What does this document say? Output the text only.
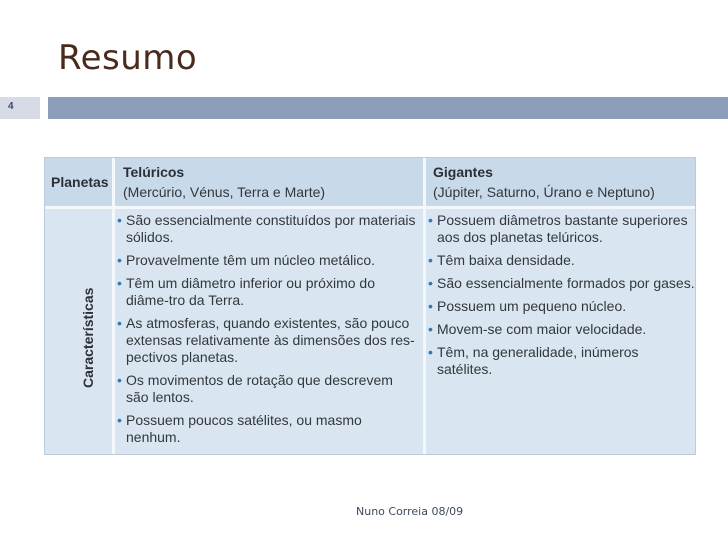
Resumo
4
Planetas
Características
Telúricos
(Mercúrio, Vénus, Terra e Marte)
Gigantes
(Júpiter, Saturno, Úrano e Neptuno)
• São essencialmente constituídos por materiais sólidos.
• Provavelmente têm um núcleo metálico.
• Têm um diâmetro inferior ou próximo do diâme-tro da Terra.
• As atmosferas, quando existentes, são pouco extensas relativamente às dimensões dos res-pectivos planetas.
• Os movimentos de rotação que descrevem são lentos.
• Possuem poucos satélites, ou masmo nenhum.
• Possuem diâmetros bastante superiores aos dos planetas telúricos.
• Têm baixa densidade.
• São essencialmente formados por gases.
• Possuem um pequeno núcleo.
• Movem-se com maior velocidade.
• Têm, na generalidade, inúmeros satélites.
Nuno Correia 08/09
